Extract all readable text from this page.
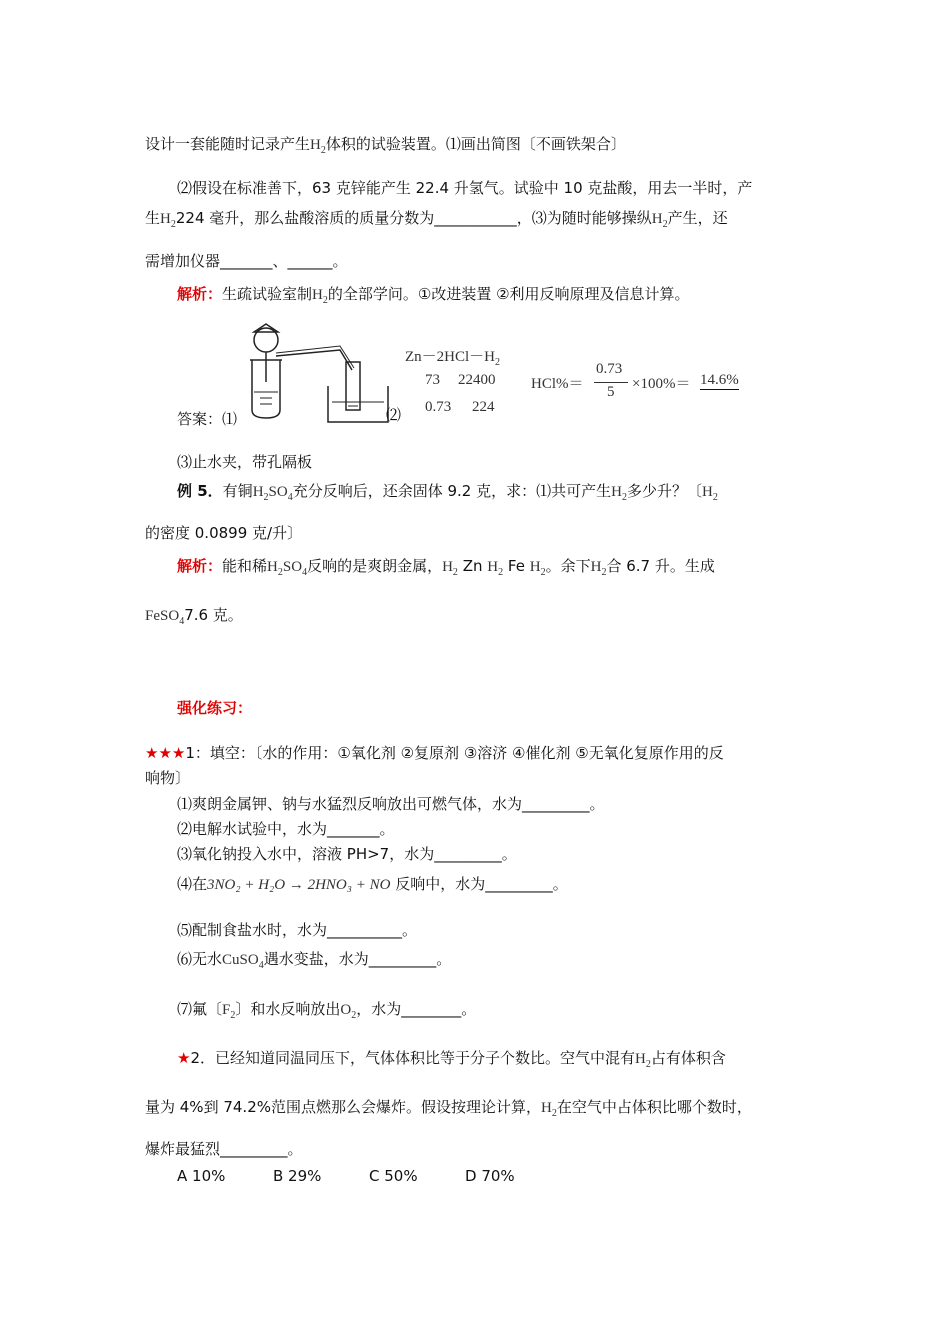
设计一套能随时记录产生$H_2$体积的试验装置。⑴画出简图〔不画铁架合〕
⑵假设在标准善下，63 克锌能产生 22.4 升氢气。试验中 10 克盐酸，用去一半时，产
生$H_2224$ 毫升，那么盐酸溶质的质量分数为___________，⑶为随时能够操纵$H_2$产生，还
需增加仪器_______、______。
解析：生疏试验室制$H_2$的全部学问。①改进装置 ②利用反响原理及信息计算。
答案：⑴	⑵
$Zn-2HCl-H_2$
73 22400
0.73 224
HCl%＝
0.73
5 ×100%＝ 14.6%
⑶止水夹，带孔隔板
例 5．有铜$H_2SO_4$充分反响后，还余固体 9.2 克，求：⑴共可产生$H_2$多少升？〔$H_2$
的密度 0.0899 克/升〕
解析：能和稀$H_2SO_4$反响的是爽朗金属，$H_2$ Zn $H_2$ Fe $H_2$。余下$H_2$合 6.7 升。生成
FeSO$_4$7.6 克。
强化练习：
★★★1：填空：〔水的作用：①氧化剂 ②复原剂 ③溶济 ④催化剂 ⑤无氧化复原作用的反
响物〕
⑴爽朗金属钾、钠与水猛烈反响放出可燃气体，水为_________。
⑵电解水试验中，水为_______。
⑶氧化钠投入水中，溶液 PH>7，水为_________。
⑷在3NO₂ + H₂O → 2HNO₃ + NO 反响中，水为_________。
⑸配制食盐水时，水为__________。
⑹无水CuSO$_4$遇水变盐，水为_________。
⑺氟〔$F_2$〕和水反响放出$O_2$，水为________。
★2．已经知道同温同压下，气体体积比等于分子个数比。空气中混有$H_2$占有体积含
量为 4%到 74.2%范围点燃那么会爆炸。假设按理论计算，$H_2$在空气中占体积比哪个数时，
爆炸最猛烈_________。
A 10%	B 29%	C 50%	D 70%
